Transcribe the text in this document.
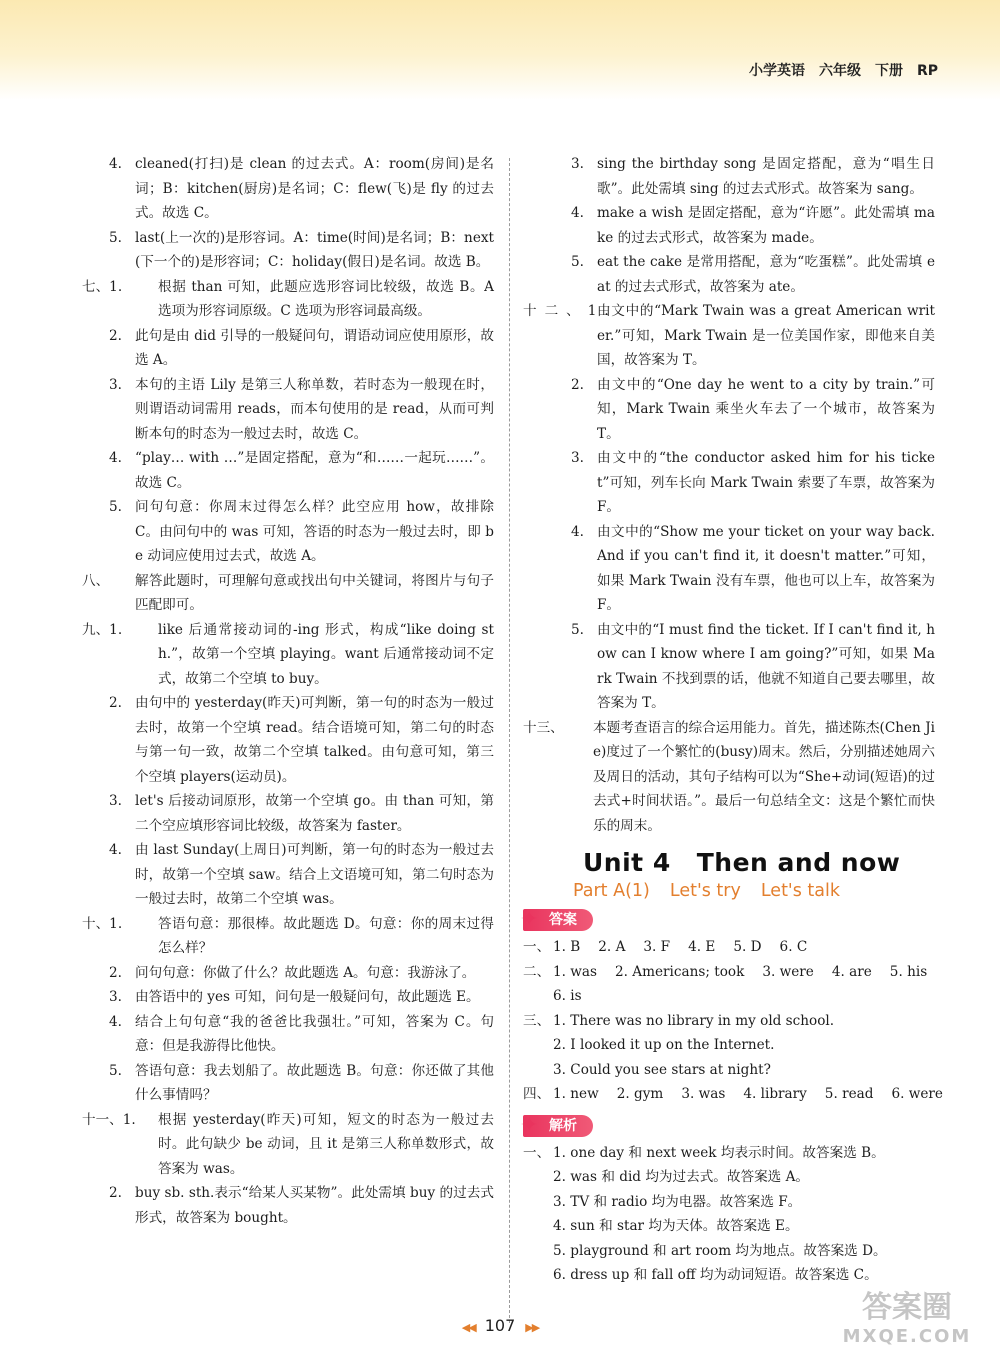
小学英语 六年级 下册 RP
4. cleaned(打扫)是 clean 的过去式。A：room(房间)是名词；B：kitchen(厨房)是名词；C：flew(飞)是 fly 的过去式。故选 C。
5. last(上一次的)是形容词。A：time(时间)是名词；B：next(下一个的)是形容词；C：holiday(假日)是名词。故选 B。
七、1.	根据 than 可知，此题应选形容词比较级，故选 B。A 选项为形容词原级。C 选项为形容词最高级。
2. 此句是由 did 引导的一般疑问句，谓语动词应使用原形，故选 A。
3. 本句的主语 Lily 是第三人称单数，若时态为一般现在时，则谓语动词需用 reads，而本句使用的是 read，从而可判断本句的时态为一般过去时，故选 C。
4. “play… with …”是固定搭配，意为“和……一起玩……”。故选 C。
5. 问句句意：你周末过得怎么样？此空应用 how，故排除 C。由问句中的 was 可知，答语的时态为一般过去时，即 be 动词应使用过去式，故选 A。
八、 解答此题时，可理解句意或找出句中关键词，将图片与句子匹配即可。
九、1.	like 后通常接动词的-ing 形式，构成“like doing sth.”，故第一个空填 playing。want 后通常接动词不定式，故第二个空填 to buy。
2. 由句中的 yesterday(昨天)可判断，第一句的时态为一般过去时，故第一个空填 read。结合语境可知，第二句的时态与第一句一致，故第二个空填 talked。由句意可知，第三个空填 players(运动员)。
3. let's 后接动词原形，故第一个空填 go。由 than 可知，第二个空应填形容词比较级，故答案为 faster。
4. 由 last Sunday(上周日)可判断，第一句的时态为一般过去时，故第一个空填 saw。结合上文语境可知，第二句时态为一般过去时，故第二个空填 was。
十、1.	答语句意：那很棒。故此题选 D。句意：你的周末过得怎么样？
2. 问句句意：你做了什么？故此题选 A。句意：我游泳了。
3. 由答语中的 yes 可知，问句是一般疑问句，故此题选 E。
4. 结合上句句意“我的爸爸比我强壮。”可知，答案为 C。句意：但是我游得比他快。
5. 答语句意：我去划船了。故此题选 B。句意：你还做了其他什么事情吗？
十一、1. 根据 yesterday(昨天)可知，短文的时态为一般过去时。此句缺少 be 动词，且 it 是第三人称单数形式，故答案为 was。
2. buy sb. sth.表示“给某人买某物”。此处需填 buy 的过去式形式，故答案为 bought。
3. sing the birthday song 是固定搭配，意为“唱生日歌”。此处需填 sing 的过去式形式。故答案为 sang。
4. make a wish 是固定搭配，意为“许愿”。此处需填 make 的过去式形式，故答案为 made。
5. eat the cake 是常用搭配，意为“吃蛋糕”。此处需填 eat 的过去式形式，故答案为 ate。
十二、1.
由文中的“Mark Twain was a great American writer.”可知，Mark Twain 是一位美国作家，即他来自美国，故答案为 T。
2. 由文中的“One day he went to a city by train.”可知，Mark Twain 乘坐火车去了一个城市，故答案为 T。
3. 由文中的“the conductor asked him for his ticket”可知，列车长向 Mark Twain 索要了车票，故答案为 F。
4. 由文中的“Show me your ticket on your way back. And if you can't find it, it doesn't matter.”可知，如果 Mark Twain 没有车票，他也可以上车，故答案为 F。
5. 由文中的“I must find the ticket. If I can't find it, how can I know where I am going?”可知，如果 Mark Twain 不找到票的话，他就不知道自己要去哪里，故答案为 T。
十三、 本题考查语言的综合运用能力。首先，描述陈杰(Chen Jie)度过了一个繁忙的(busy)周末。然后，分别描述她周六及周日的活动，其句子结构可以为“She+动词(短语)的过去式+时间状语。”。最后一句总结全文：这是个繁忙而快乐的周末。
Unit 4 Then and now
Part A(1) Let's try Let's talk
✦ 答案
一、 1. B 2. A 3. F 4. E 5. D 6. C
二、 1. was 2. Americans; took 3. were 4. are 5. his
6. is
三、 1. There was no library in my old school.
2. I looked it up on the Internet.
3. Could you see stars at night?
四、 1. new 2. gym 3. was 4. library 5. read 6. were
✦ 解析
一、 1. one day 和 next week 均表示时间。故答案选 B。
2. was 和 did 均为过去式。故答案选 A。
3. TV 和 radio 均为电器。故答案选 F。
4. sun 和 star 均为天体。故答案选 E。
5. playground 和 art room 均为地点。故答案选 D。
6. dress up 和 fall off 均为动词短语。故答案选 C。
◀◀ 107 ▶▶
答案圈
MXQE.COM
